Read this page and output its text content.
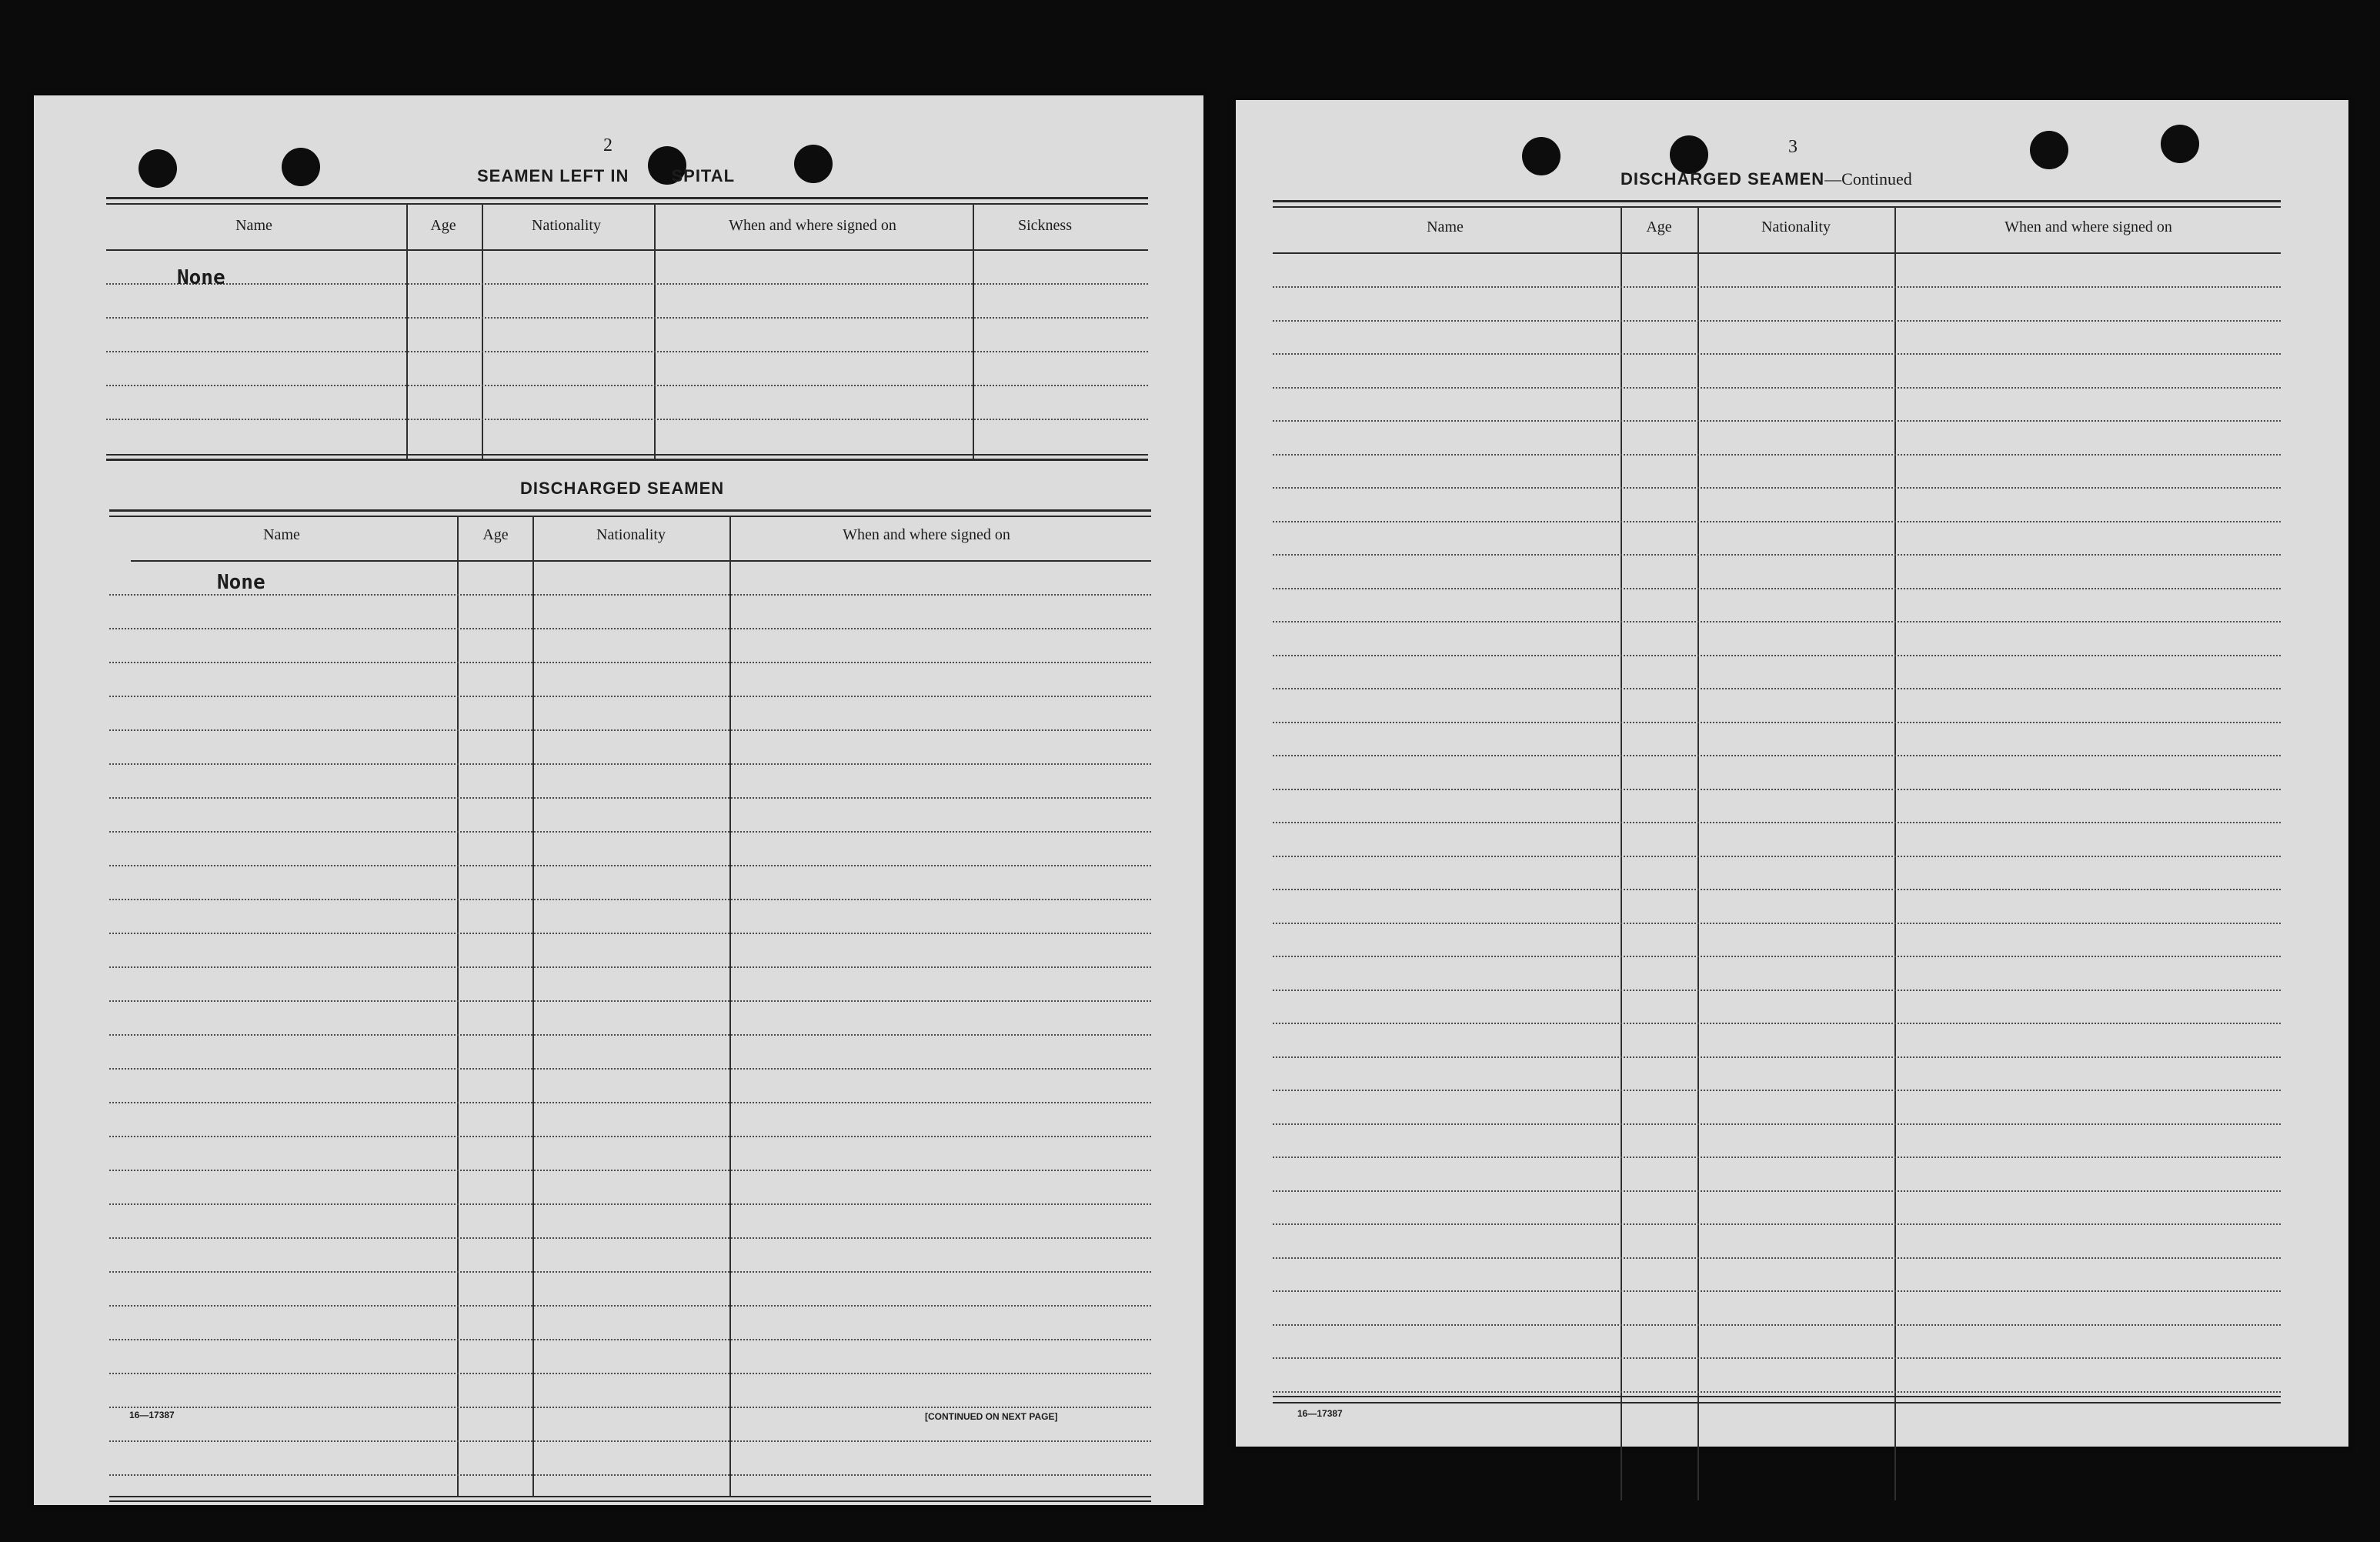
2
SEAMEN LEFT IN	SPITAL
Name	Age	Nationality	When and where signed on	Sickness
None
DISCHARGED SEAMEN
Name	Age	Nationality	When and where signed on
None
16—17387	[CONTINUED ON NEXT PAGE]
3
DISCHARGED SEAMEN—Continued
Name	Age	Nationality	When and where signed on
16—17387
